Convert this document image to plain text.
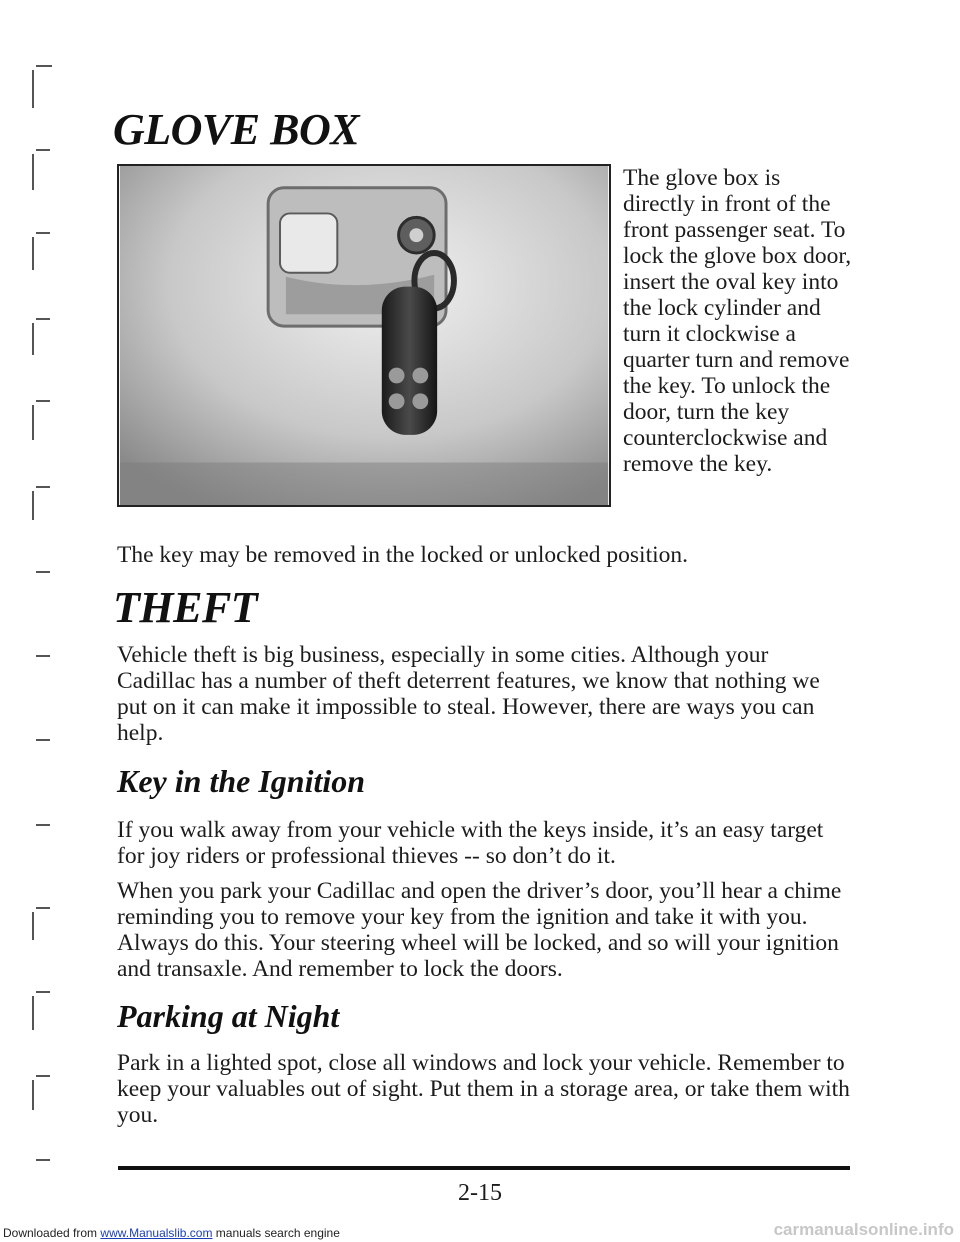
GLOVE BOX

The glove box is directly in front of the front passenger seat. To lock the glove box door, insert the oval key into the lock cylinder and turn it clockwise a quarter turn and remove the key. To unlock the door, turn the key counterclockwise and remove the key.

The key may be removed in the locked or unlocked position.

THEFT

Vehicle theft is big business, especially in some cities. Although your Cadillac has a number of theft deterrent features, we know that nothing we put on it can make it impossible to steal. However, there are ways you can help.

Key in the Ignition

If you walk away from your vehicle with the keys inside, it’s an easy target for joy riders or professional thieves -- so don’t do it.

When you park your Cadillac and open the driver’s door, you’ll hear a chime reminding you to remove your key from the ignition and take it with you. Always do this. Your steering wheel will be locked, and so will your ignition and transaxle. And remember to lock the doors.

Parking at Night

Park in a lighted spot, close all windows and lock your vehicle. Remember to keep your valuables out of sight. Put them in a storage area, or take them with you.

2-15
Downloaded from www.Manualslib.com manuals search engine	carmanualsonline.info
